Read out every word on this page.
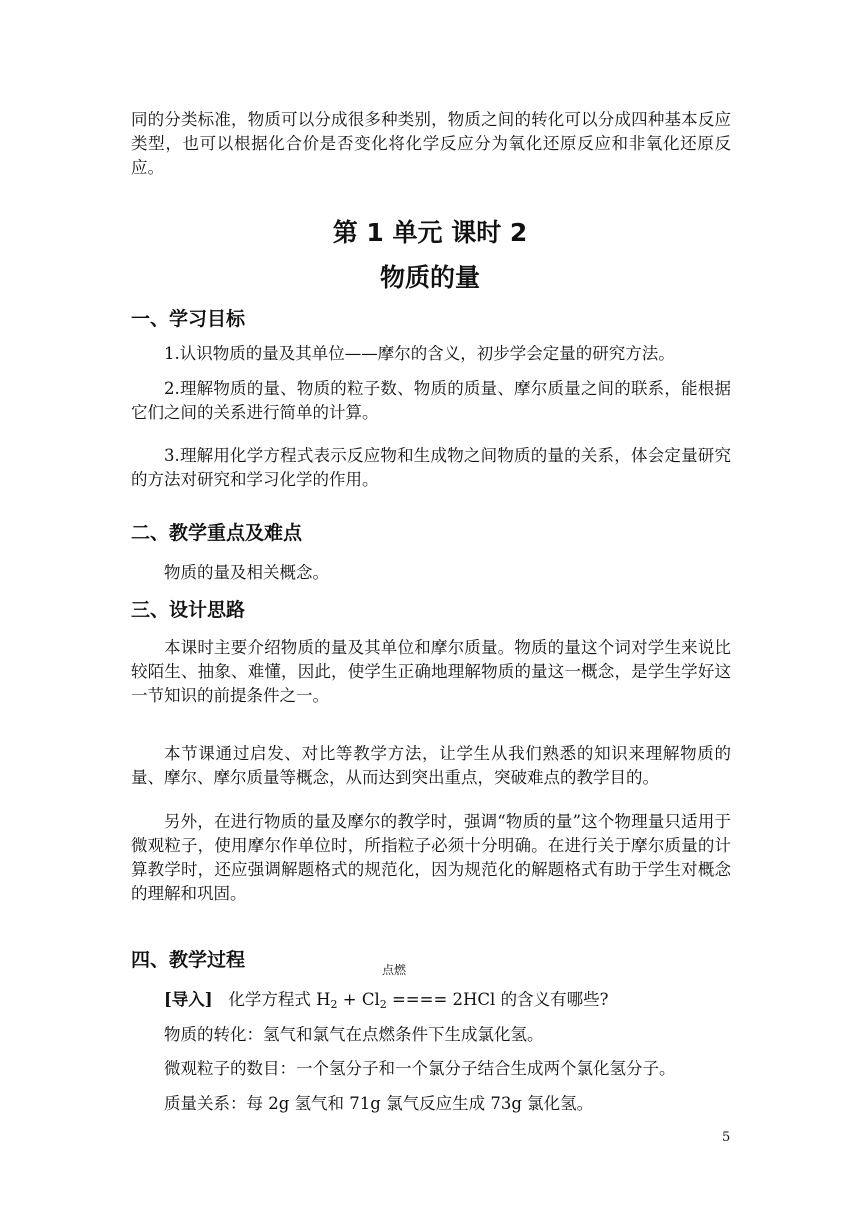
同的分类标准，物质可以分成很多种类别，物质之间的转化可以分成四种基本反应类型，也可以根据化合价是否变化将化学反应分为氧化还原反应和非氧化还原反应。

第 1 单元 课时 2
物质的量
一、学习目标

1.认识物质的量及其单位——摩尔的含义，初步学会定量的研究方法。

2.理解物质的量、物质的粒子数、物质的质量、摩尔质量之间的联系，能根据它们之间的关系进行简单的计算。

3.理解用化学方程式表示反应物和生成物之间物质的量的关系，体会定量研究的方法对研究和学习化学的作用。

二、教学重点及难点

物质的量及相关概念。

三、设计思路

本课时主要介绍物质的量及其单位和摩尔质量。物质的量这个词对学生来说比较陌生、抽象、难懂，因此，使学生正确地理解物质的量这一概念，是学生学好这一节知识的前提条件之一。

本节课通过启发、对比等教学方法，让学生从我们熟悉的知识来理解物质的量、摩尔、摩尔质量等概念，从而达到突出重点，突破难点的教学目的。

另外，在进行物质的量及摩尔的教学时，强调“物质的量”这个物理量只适用于微观粒子，使用摩尔作单位时，所指粒子必须十分明确。在进行关于摩尔质量的计算教学时，还应强调解题格式的规范化，因为规范化的解题格式有助于学生对概念的理解和巩固。

四、教学过程	点燃

[导入] 化学方程式 $H_2 + Cl_2$ ==== 2HCl 的含义有哪些?

物质的转化：氢气和氯气在点燃条件下生成氯化氢。

微观粒子的数目：一个氢分子和一个氯分子结合生成两个氯化氢分子。

质量关系：每 2g 氢气和 71g 氯气反应生成 73g 氯化氢。

5
